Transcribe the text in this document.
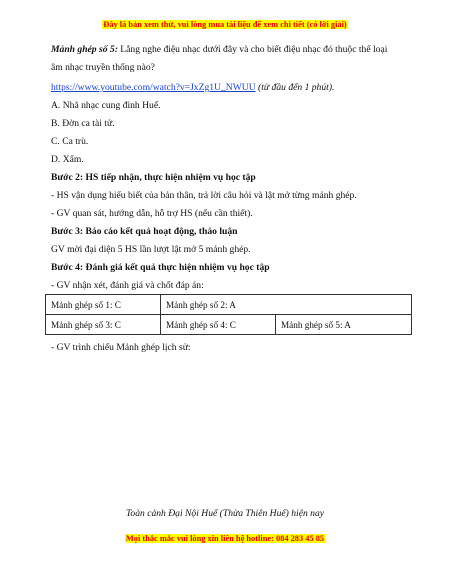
Đây là bản xem thử, vui lòng mua tài liệu để xem chi tiết (có lời giải)
Mảnh ghép số 5: Lắng nghe điệu nhạc dưới đây và cho biết điệu nhạc đó thuộc thể loại
âm nhạc truyền thống nào?
https://www.youtube.com/watch?v=JxZg1U_NWUU (từ đầu đến 1 phút).
A. Nhã nhạc cung đình Huế.
B. Đờn ca tài tử.
C. Ca trù.
D. Xẩm.
Bước 2: HS tiếp nhận, thực hiện nhiệm vụ học tập
- HS vận dụng hiểu biết của bản thân, trả lời câu hỏi và lật mở từng mảnh ghép.
- GV quan sát, hướng dẫn, hỗ trợ HS (nếu cần thiết).
Bước 3: Báo cáo kết quả hoạt động, thảo luận
GV mời đại diện 5 HS lần lượt lật mở 5 mảnh ghép.
Bước 4: Đánh giá kết quả thực hiện nhiệm vụ học tập
- GV nhận xét, đánh giá và chốt đáp án:
Mảnh ghép số 1: C	Mảnh ghép số 2: A	
Mảnh ghép số 3: C	Mảnh ghép số 4: C	Mảnh ghép số 5: A
- GV trình chiếu Mảnh ghép lịch sử:
Toàn cảnh Đại Nội Huế (Thừa Thiên Huế) hiện nay
Mọi thắc mắc vui lòng xin liên hệ hotline: 084 283 45 85
